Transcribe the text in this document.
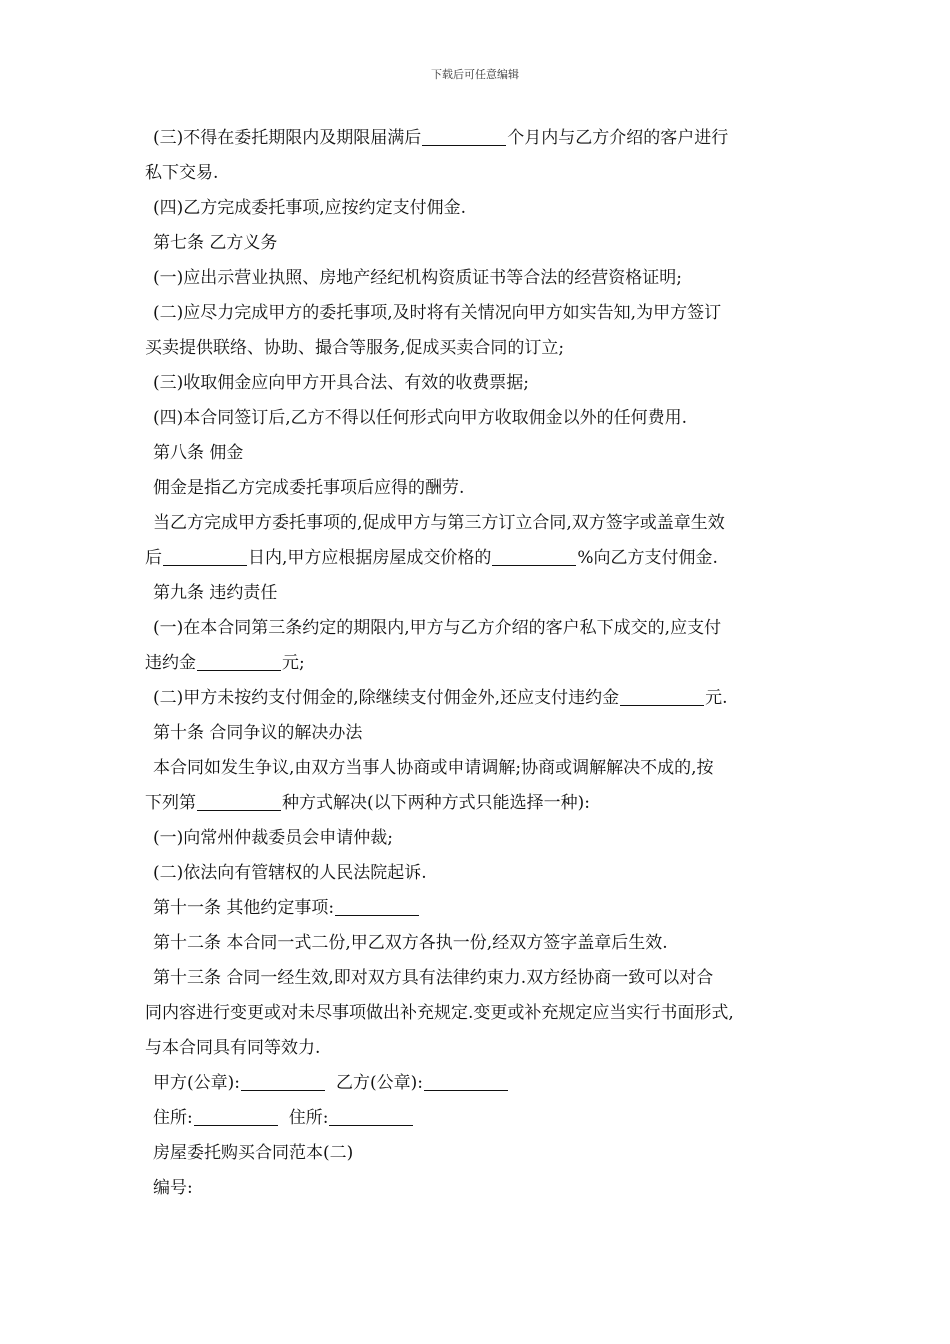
下载后可任意编辑
(三)不得在委托期限内及期限届满后	个月内与乙方介绍的客户进行
私下交易.
(四)乙方完成委托事项,应按约定支付佣金.
第七条 乙方义务
(一)应出示营业执照、房地产经纪机构资质证书等合法的经营资格证明;
(二)应尽力完成甲方的委托事项,及时将有关情况向甲方如实告知,为甲方签订
买卖提供联络、协助、撮合等服务,促成买卖合同的订立;
(三)收取佣金应向甲方开具合法、有效的收费票据;
(四)本合同签订后,乙方不得以任何形式向甲方收取佣金以外的任何费用.
第八条 佣金
佣金是指乙方完成委托事项后应得的酬劳.
当乙方完成甲方委托事项的,促成甲方与第三方订立合同,双方签字或盖章生效
后	日内,甲方应根据房屋成交价格的	%向乙方支付佣金.
第九条 违约责任
(一)在本合同第三条约定的期限内,甲方与乙方介绍的客户私下成交的,应支付
违约金	元;
(二)甲方未按约支付佣金的,除继续支付佣金外,还应支付违约金	元.
第十条 合同争议的解决办法
本合同如发生争议,由双方当事人协商或申请调解;协商或调解解决不成的,按
下列第	种方式解决(以下两种方式只能选择一种):
(一)向常州仲裁委员会申请仲裁;
(二)依法向有管辖权的人民法院起诉.
第十一条 其他约定事项:
第十二条 本合同一式二份,甲乙双方各执一份,经双方签字盖章后生效.
第十三条 合同一经生效,即对双方具有法律约束力.双方经协商一致可以对合
同内容进行变更或对未尽事项做出补充规定.变更或补充规定应当实行书面形式,
与本合同具有同等效力.
甲方(公章):	乙方(公章):
住所:	住所:
房屋委托购买合同范本(二)
编号:
